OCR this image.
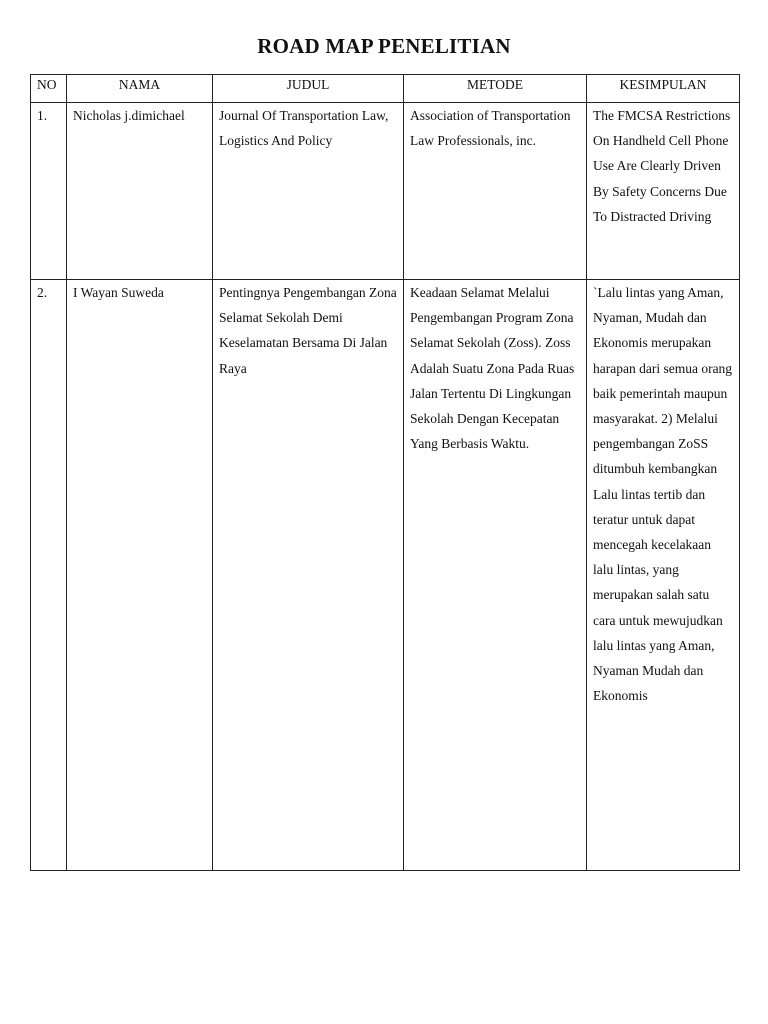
ROAD MAP PENELITIAN
NO	NAMA	JUDUL	METODE	KESIMPULAN

1.	Nicholas j.dimichael	Journal Of Transportation Law, Logistics And Policy	Association of Transportation Law Professionals, inc.	The FMCSA Restrictions On Handheld Cell Phone Use Are Clearly Driven By Safety Concerns Due To Distracted Driving

2.	I Wayan Suweda	Pentingnya Pengembangan Zona Selamat Sekolah Demi Keselamatan Bersama Di Jalan Raya	Keadaan Selamat Melalui Pengembangan Program Zona Selamat Sekolah (Zoss). Zoss Adalah Suatu Zona Pada Ruas Jalan Tertentu Di Lingkungan Sekolah Dengan Kecepatan Yang Berbasis Waktu.	`Lalu lintas yang Aman, Nyaman, Mudah dan Ekonomis merupakan harapan dari semua orang baik pemerintah maupun masyarakat. 2) Melalui pengembangan ZoSS ditumbuh kembangkan Lalu lintas tertib dan teratur untuk dapat mencegah kecelakaan lalu lintas, yang merupakan salah satu cara untuk mewujudkan lalu lintas yang Aman, Nyaman Mudah dan Ekonomis
